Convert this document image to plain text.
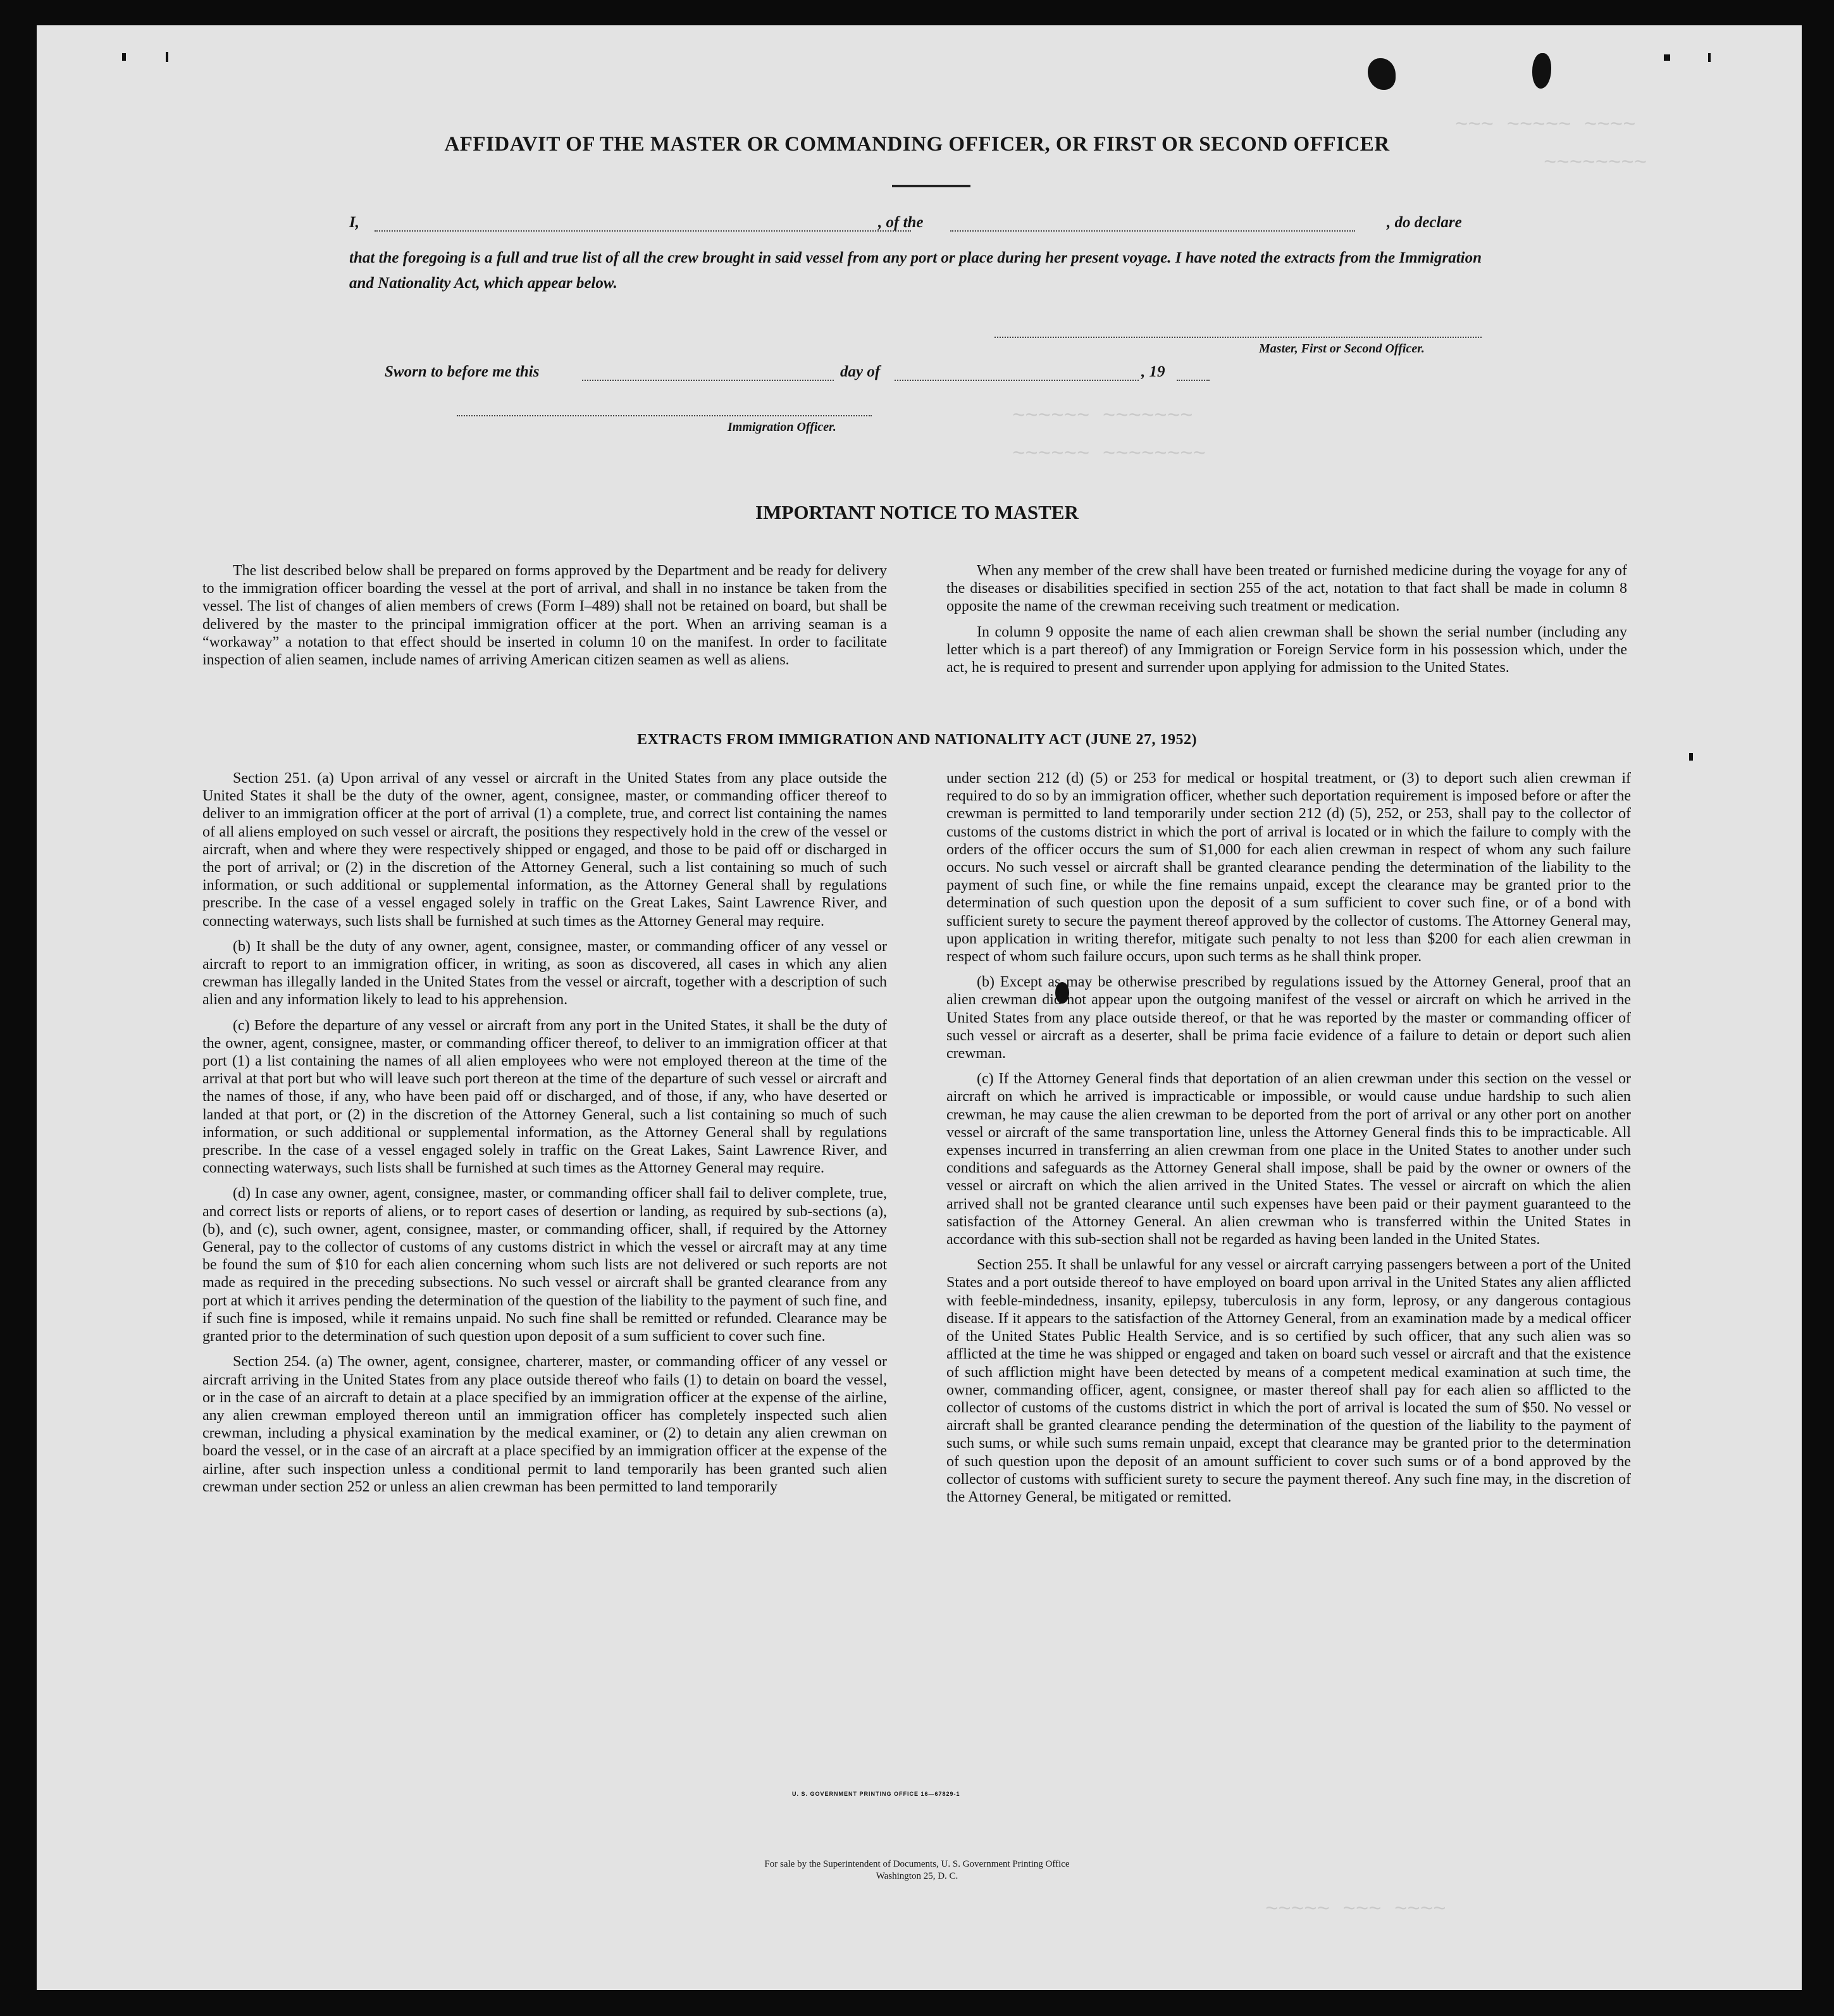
~~~ ~~~~~ ~~~~
~~~~~~~~
~~~~~~ ~~~~~~~
~~~~~~ ~~~~~~~~
~~~~~ ~~~ ~~~~
AFFIDAVIT OF THE MASTER OR COMMANDING OFFICER, OR FIRST OR SECOND OFFICER
I,	, of the	, do declare
that the foregoing is a full and true list of all the crew brought in said vessel from any port or place during her present voyage. I have noted the extracts from the Immigration and Nationality Act, which appear below.
Master, First or Second Officer.
Sworn to before me this	day of	, 19
Immigration Officer.
IMPORTANT NOTICE TO MASTER

The list described below shall be prepared on forms approved by the Department and be ready for delivery to the immigration officer boarding the vessel at the port of arrival, and shall in no instance be taken from the vessel. The list of changes of alien members of crews (Form I–489) shall not be retained on board, but shall be delivered by the master to the principal immigration officer at the port. When an arriving seaman is a “workaway” a notation to that effect should be inserted in column 10 on the manifest. In order to facilitate inspection of alien seamen, include names of arriving American citizen seamen as well as aliens.

When any member of the crew shall have been treated or furnished medicine during the voyage for any of the diseases or disabilities specified in section 255 of the act, notation to that fact shall be made in column 8 opposite the name of the crewman receiving such treatment or medication.

In column 9 opposite the name of each alien crewman shall be shown the serial number (including any letter which is a part thereof) of any Immigration or Foreign Service form in his possession which, under the act, he is required to present and surrender upon applying for admission to the United States.

EXTRACTS FROM IMMIGRATION AND NATIONALITY ACT (JUNE 27, 1952)

Section 251. (a) Upon arrival of any vessel or aircraft in the United States from any place outside the United States it shall be the duty of the owner, agent, consignee, master, or commanding officer thereof to deliver to an immigration officer at the port of arrival (1) a complete, true, and correct list containing the names of all aliens employed on such vessel or aircraft, the positions they respectively hold in the crew of the vessel or aircraft, when and where they were respectively shipped or engaged, and those to be paid off or discharged in the port of arrival; or (2) in the discretion of the Attorney General, such a list containing so much of such information, or such additional or supplemental information, as the Attorney General shall by regulations prescribe. In the case of a vessel engaged solely in traffic on the Great Lakes, Saint Lawrence River, and connecting waterways, such lists shall be furnished at such times as the Attorney General may require.

(b) It shall be the duty of any owner, agent, consignee, master, or commanding officer of any vessel or aircraft to report to an immigration officer, in writing, as soon as discovered, all cases in which any alien crewman has illegally landed in the United States from the vessel or aircraft, together with a description of such alien and any information likely to lead to his apprehension.

(c) Before the departure of any vessel or aircraft from any port in the United States, it shall be the duty of the owner, agent, consignee, master, or commanding officer thereof, to deliver to an immigration officer at that port (1) a list containing the names of all alien employees who were not employed thereon at the time of the arrival at that port but who will leave such port thereon at the time of the departure of such vessel or aircraft and the names of those, if any, who have been paid off or discharged, and of those, if any, who have deserted or landed at that port, or (2) in the discretion of the Attorney General, such a list containing so much of such information, or such additional or supplemental information, as the Attorney General shall by regulations prescribe. In the case of a vessel engaged solely in traffic on the Great Lakes, Saint Lawrence River, and connecting waterways, such lists shall be furnished at such times as the Attorney General may require.

(d) In case any owner, agent, consignee, master, or commanding officer shall fail to deliver complete, true, and correct lists or reports of aliens, or to report cases of desertion or landing, as required by sub-sections (a), (b), and (c), such owner, agent, consignee, master, or commanding officer, shall, if required by the Attorney General, pay to the collector of customs of any customs district in which the vessel or aircraft may at any time be found the sum of $10 for each alien concerning whom such lists are not delivered or such reports are not made as required in the preceding subsections. No such vessel or aircraft shall be granted clearance from any port at which it arrives pending the determination of the question of the liability to the payment of such fine, and if such fine is imposed, while it remains unpaid. No such fine shall be remitted or refunded. Clearance may be granted prior to the determination of such question upon deposit of a sum sufficient to cover such fine.

Section 254. (a) The owner, agent, consignee, charterer, master, or commanding officer of any vessel or aircraft arriving in the United States from any place outside thereof who fails (1) to detain on board the vessel, or in the case of an aircraft to detain at a place specified by an immigration officer at the expense of the airline, any alien crewman employed thereon until an immigration officer has completely inspected such alien crewman, including a physical examination by the medical examiner, or (2) to detain any alien crewman on board the vessel, or in the case of an aircraft at a place specified by an immigration officer at the expense of the airline, after such inspection unless a conditional permit to land temporarily has been granted such alien crewman under section 252 or unless an alien crewman has been permitted to land temporarily

under section 212 (d) (5) or 253 for medical or hospital treatment, or (3) to deport such alien crewman if required to do so by an immigration officer, whether such deportation requirement is imposed before or after the crewman is permitted to land temporarily under section 212 (d) (5), 252, or 253, shall pay to the collector of customs of the customs district in which the port of arrival is located or in which the failure to comply with the orders of the officer occurs the sum of $1,000 for each alien crewman in respect of whom any such failure occurs. No such vessel or aircraft shall be granted clearance pending the determination of the liability to the payment of such fine, or while the fine remains unpaid, except the clearance may be granted prior to the determination of such question upon the deposit of a sum sufficient to cover such fine, or of a bond with sufficient surety to secure the payment thereof approved by the collector of customs. The Attorney General may, upon application in writing therefor, mitigate such penalty to not less than $200 for each alien crewman in respect of whom such failure occurs, upon such terms as he shall think proper.

(b) Except as may be otherwise prescribed by regulations issued by the Attorney General, proof that an alien crewman did not appear upon the outgoing manifest of the vessel or aircraft on which he arrived in the United States from any place outside thereof, or that he was reported by the master or commanding officer of such vessel or aircraft as a deserter, shall be prima facie evidence of a failure to detain or deport such alien crewman.

(c) If the Attorney General finds that deportation of an alien crewman under this section on the vessel or aircraft on which he arrived is impracticable or impossible, or would cause undue hardship to such alien crewman, he may cause the alien crewman to be deported from the port of arrival or any other port on another vessel or aircraft of the same transportation line, unless the Attorney General finds this to be impracticable. All expenses incurred in transferring an alien crewman from one place in the United States to another under such conditions and safeguards as the Attorney General shall impose, shall be paid by the owner or owners of the vessel or aircraft on which the alien arrived in the United States. The vessel or aircraft on which the alien arrived shall not be granted clearance until such expenses have been paid or their payment guaranteed to the satisfaction of the Attorney General. An alien crewman who is transferred within the United States in accordance with this sub-section shall not be regarded as having been landed in the United States.

Section 255. It shall be unlawful for any vessel or aircraft carrying passengers between a port of the United States and a port outside thereof to have employed on board upon arrival in the United States any alien afflicted with feeble-mindedness, insanity, epilepsy, tuberculosis in any form, leprosy, or any dangerous contagious disease. If it appears to the satisfaction of the Attorney General, from an examination made by a medical officer of the United States Public Health Service, and is so certified by such officer, that any such alien was so afflicted at the time he was shipped or engaged and taken on board such vessel or aircraft and that the existence of such affliction might have been detected by means of a competent medical examination at such time, the owner, commanding officer, agent, consignee, or master thereof shall pay for each alien so afflicted to the collector of customs of the customs district in which the port of arrival is located the sum of $50. No vessel or aircraft shall be granted clearance pending the determination of the question of the liability to the payment of such sums, or while such sums remain unpaid, except that clearance may be granted prior to the determination of such question upon the deposit of an amount sufficient to cover such sums or of a bond approved by the collector of customs with sufficient surety to secure the payment thereof. Any such fine may, in the discretion of the Attorney General, be mitigated or remitted.

U. S. GOVERNMENT PRINTING OFFICE 16—67829-1
For sale by the Superintendent of Documents, U. S. Government Printing Office
Washington 25, D. C.
